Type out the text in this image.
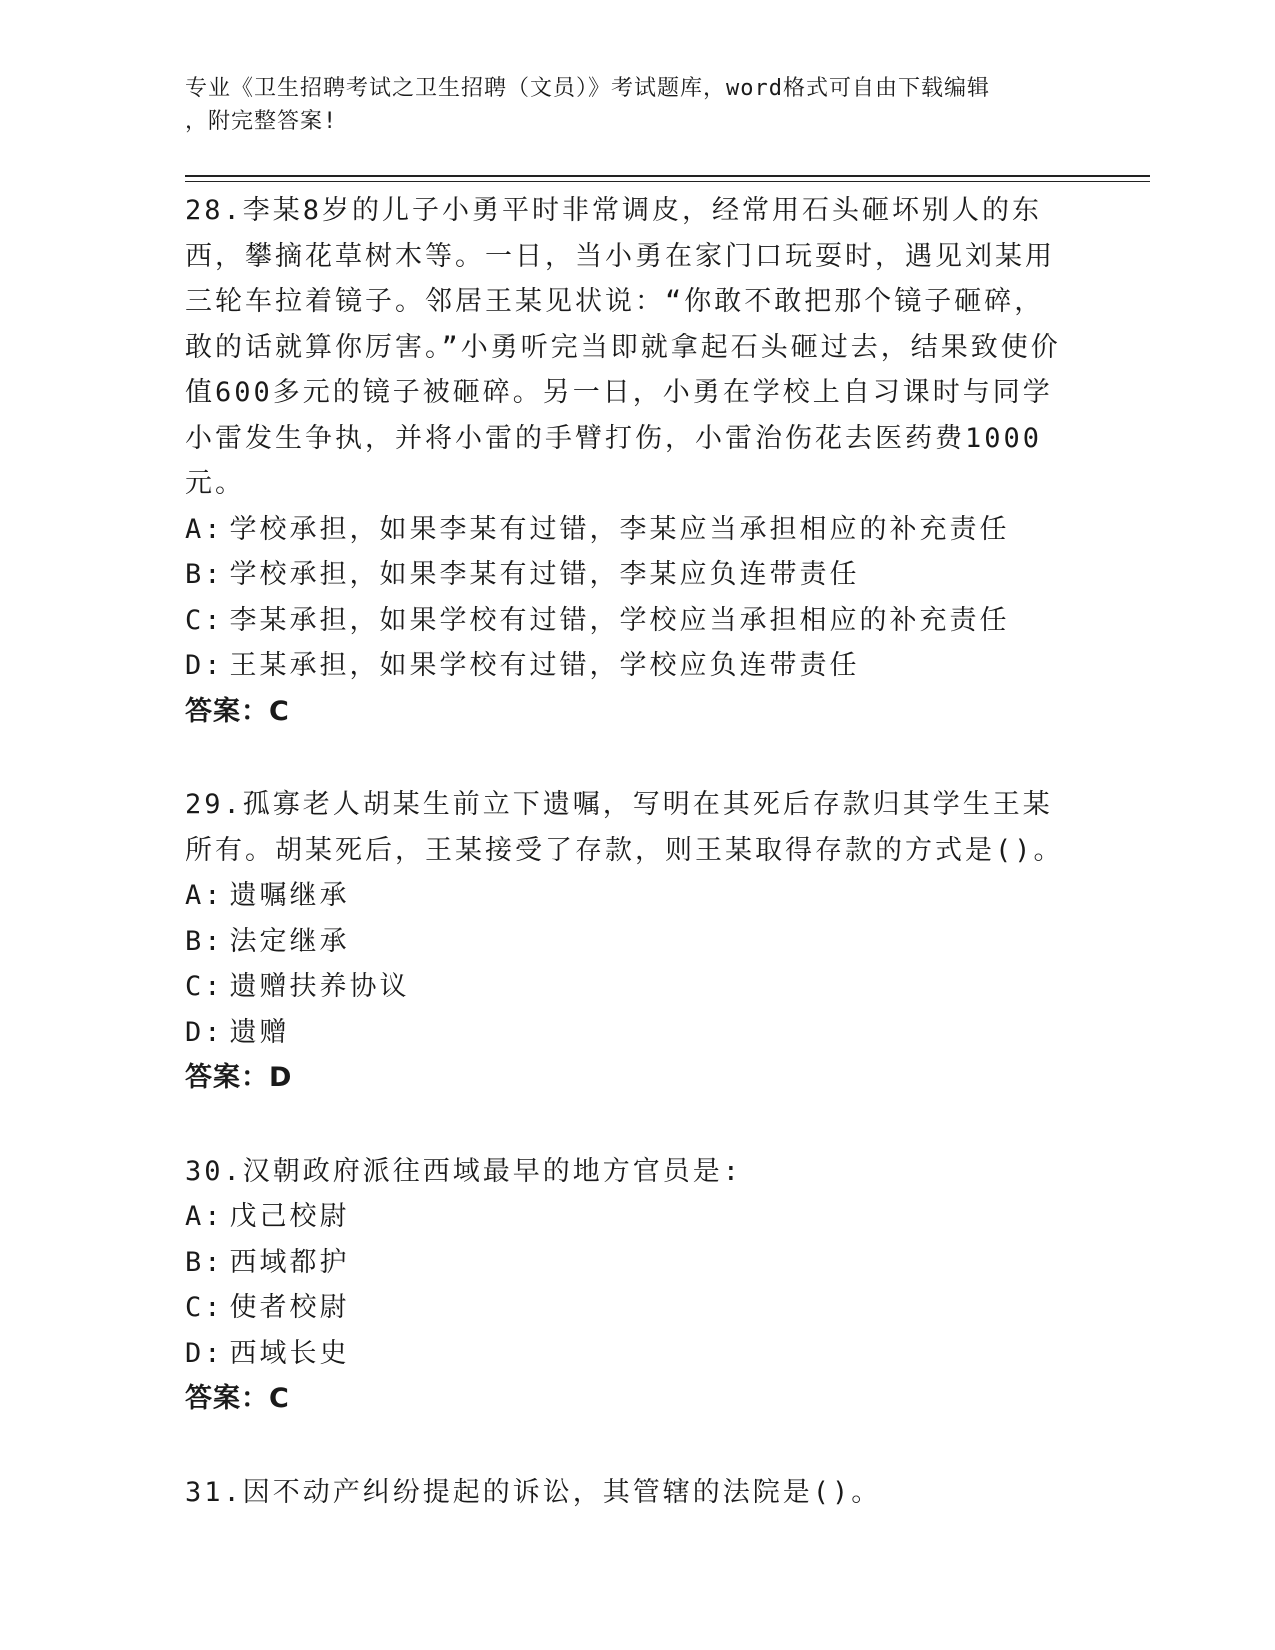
专业《卫生招聘考试之卫生招聘（文员）》考试题库，word格式可自由下载编辑
，附完整答案!

28.李某8岁的儿子小勇平时非常调皮，经常用石头砸坏别人的东西，攀摘花草树木等。一日，当小勇在家门口玩耍时，遇见刘某用三轮车拉着镜子。邻居王某见状说：“你敢不敢把那个镜子砸碎，敢的话就算你厉害。”小勇听完当即就拿起石头砸过去，结果致使价值600多元的镜子被砸碎。另一日，小勇在学校上自习课时与同学小雷发生争执，并将小雷的手臂打伤，小雷治伤花去医药费1000元。

A: 学校承担，如果李某有过错，李某应当承担相应的补充责任

B: 学校承担，如果李某有过错，李某应负连带责任

C: 李某承担，如果学校有过错，学校应当承担相应的补充责任

D: 王某承担，如果学校有过错，学校应负连带责任

答案：C

29.孤寡老人胡某生前立下遗嘱，写明在其死后存款归其学生王某所有。胡某死后，王某接受了存款，则王某取得存款的方式是()。

A: 遗嘱继承

B: 法定继承

C: 遗赠扶养协议

D: 遗赠

答案：D

30.汉朝政府派往西域最早的地方官员是:

A: 戊己校尉

B: 西域都护

C: 使者校尉

D: 西域长史

答案：C

31.因不动产纠纷提起的诉讼，其管辖的法院是()。
